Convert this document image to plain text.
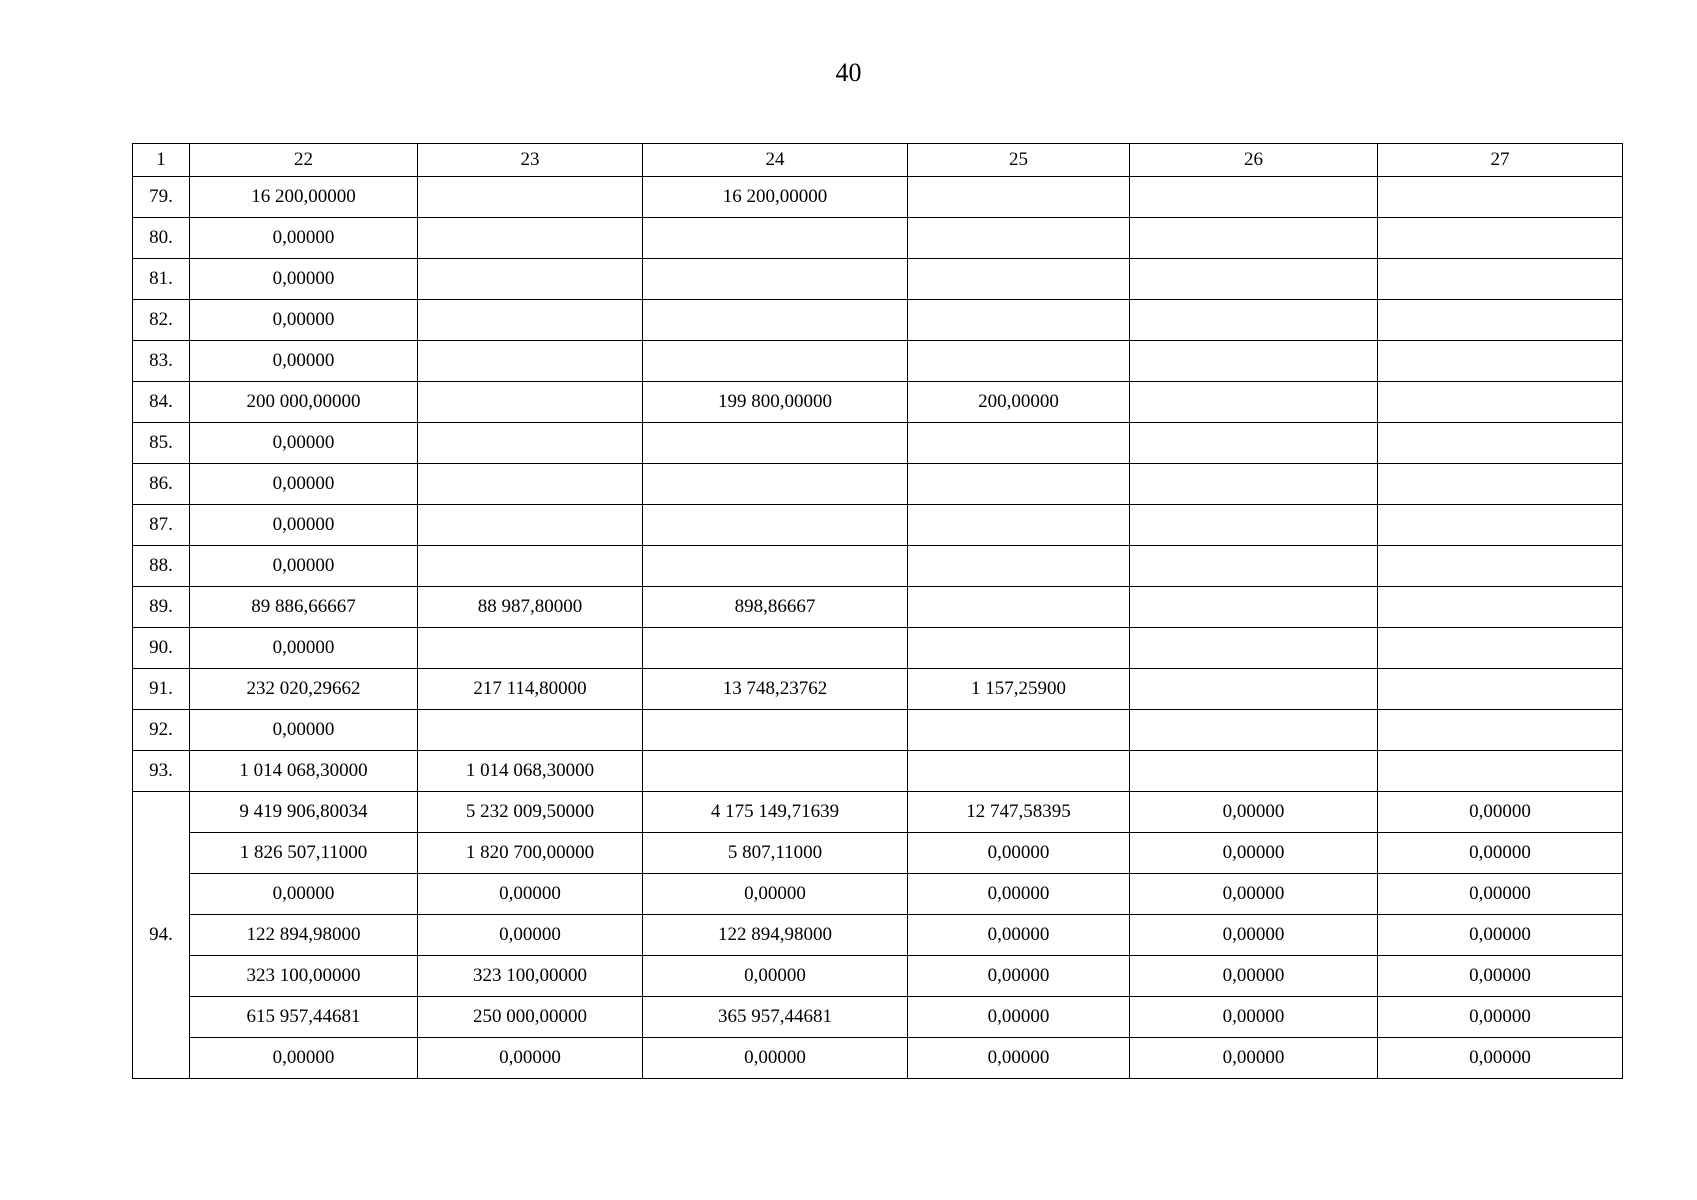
40
1	22	23	24	25	26	27
79.	16 200,00000		16 200,00000			
80.	0,00000					
81.	0,00000					
82.	0,00000					
83.	0,00000					
84.	200 000,00000		199 800,00000	200,00000		
85.	0,00000					
86.	0,00000					
87.	0,00000					
88.	0,00000					
89.	89 886,66667	88 987,80000	898,86667			
90.	0,00000					
91.	232 020,29662	217 114,80000	13 748,23762	1 157,25900		
92.	0,00000					
93.	1 014 068,30000	1 014 068,30000				
94.	9 419 906,80034	5 232 009,50000	4 175 149,71639	12 747,58395	0,00000	0,00000
	1 826 507,11000	1 820 700,00000	5 807,11000	0,00000	0,00000	0,00000
	0,00000	0,00000	0,00000	0,00000	0,00000	0,00000
	122 894,98000	0,00000	122 894,98000	0,00000	0,00000	0,00000
	323 100,00000	323 100,00000	0,00000	0,00000	0,00000	0,00000
	615 957,44681	250 000,00000	365 957,44681	0,00000	0,00000	0,00000
	0,00000	0,00000	0,00000	0,00000	0,00000	0,00000
